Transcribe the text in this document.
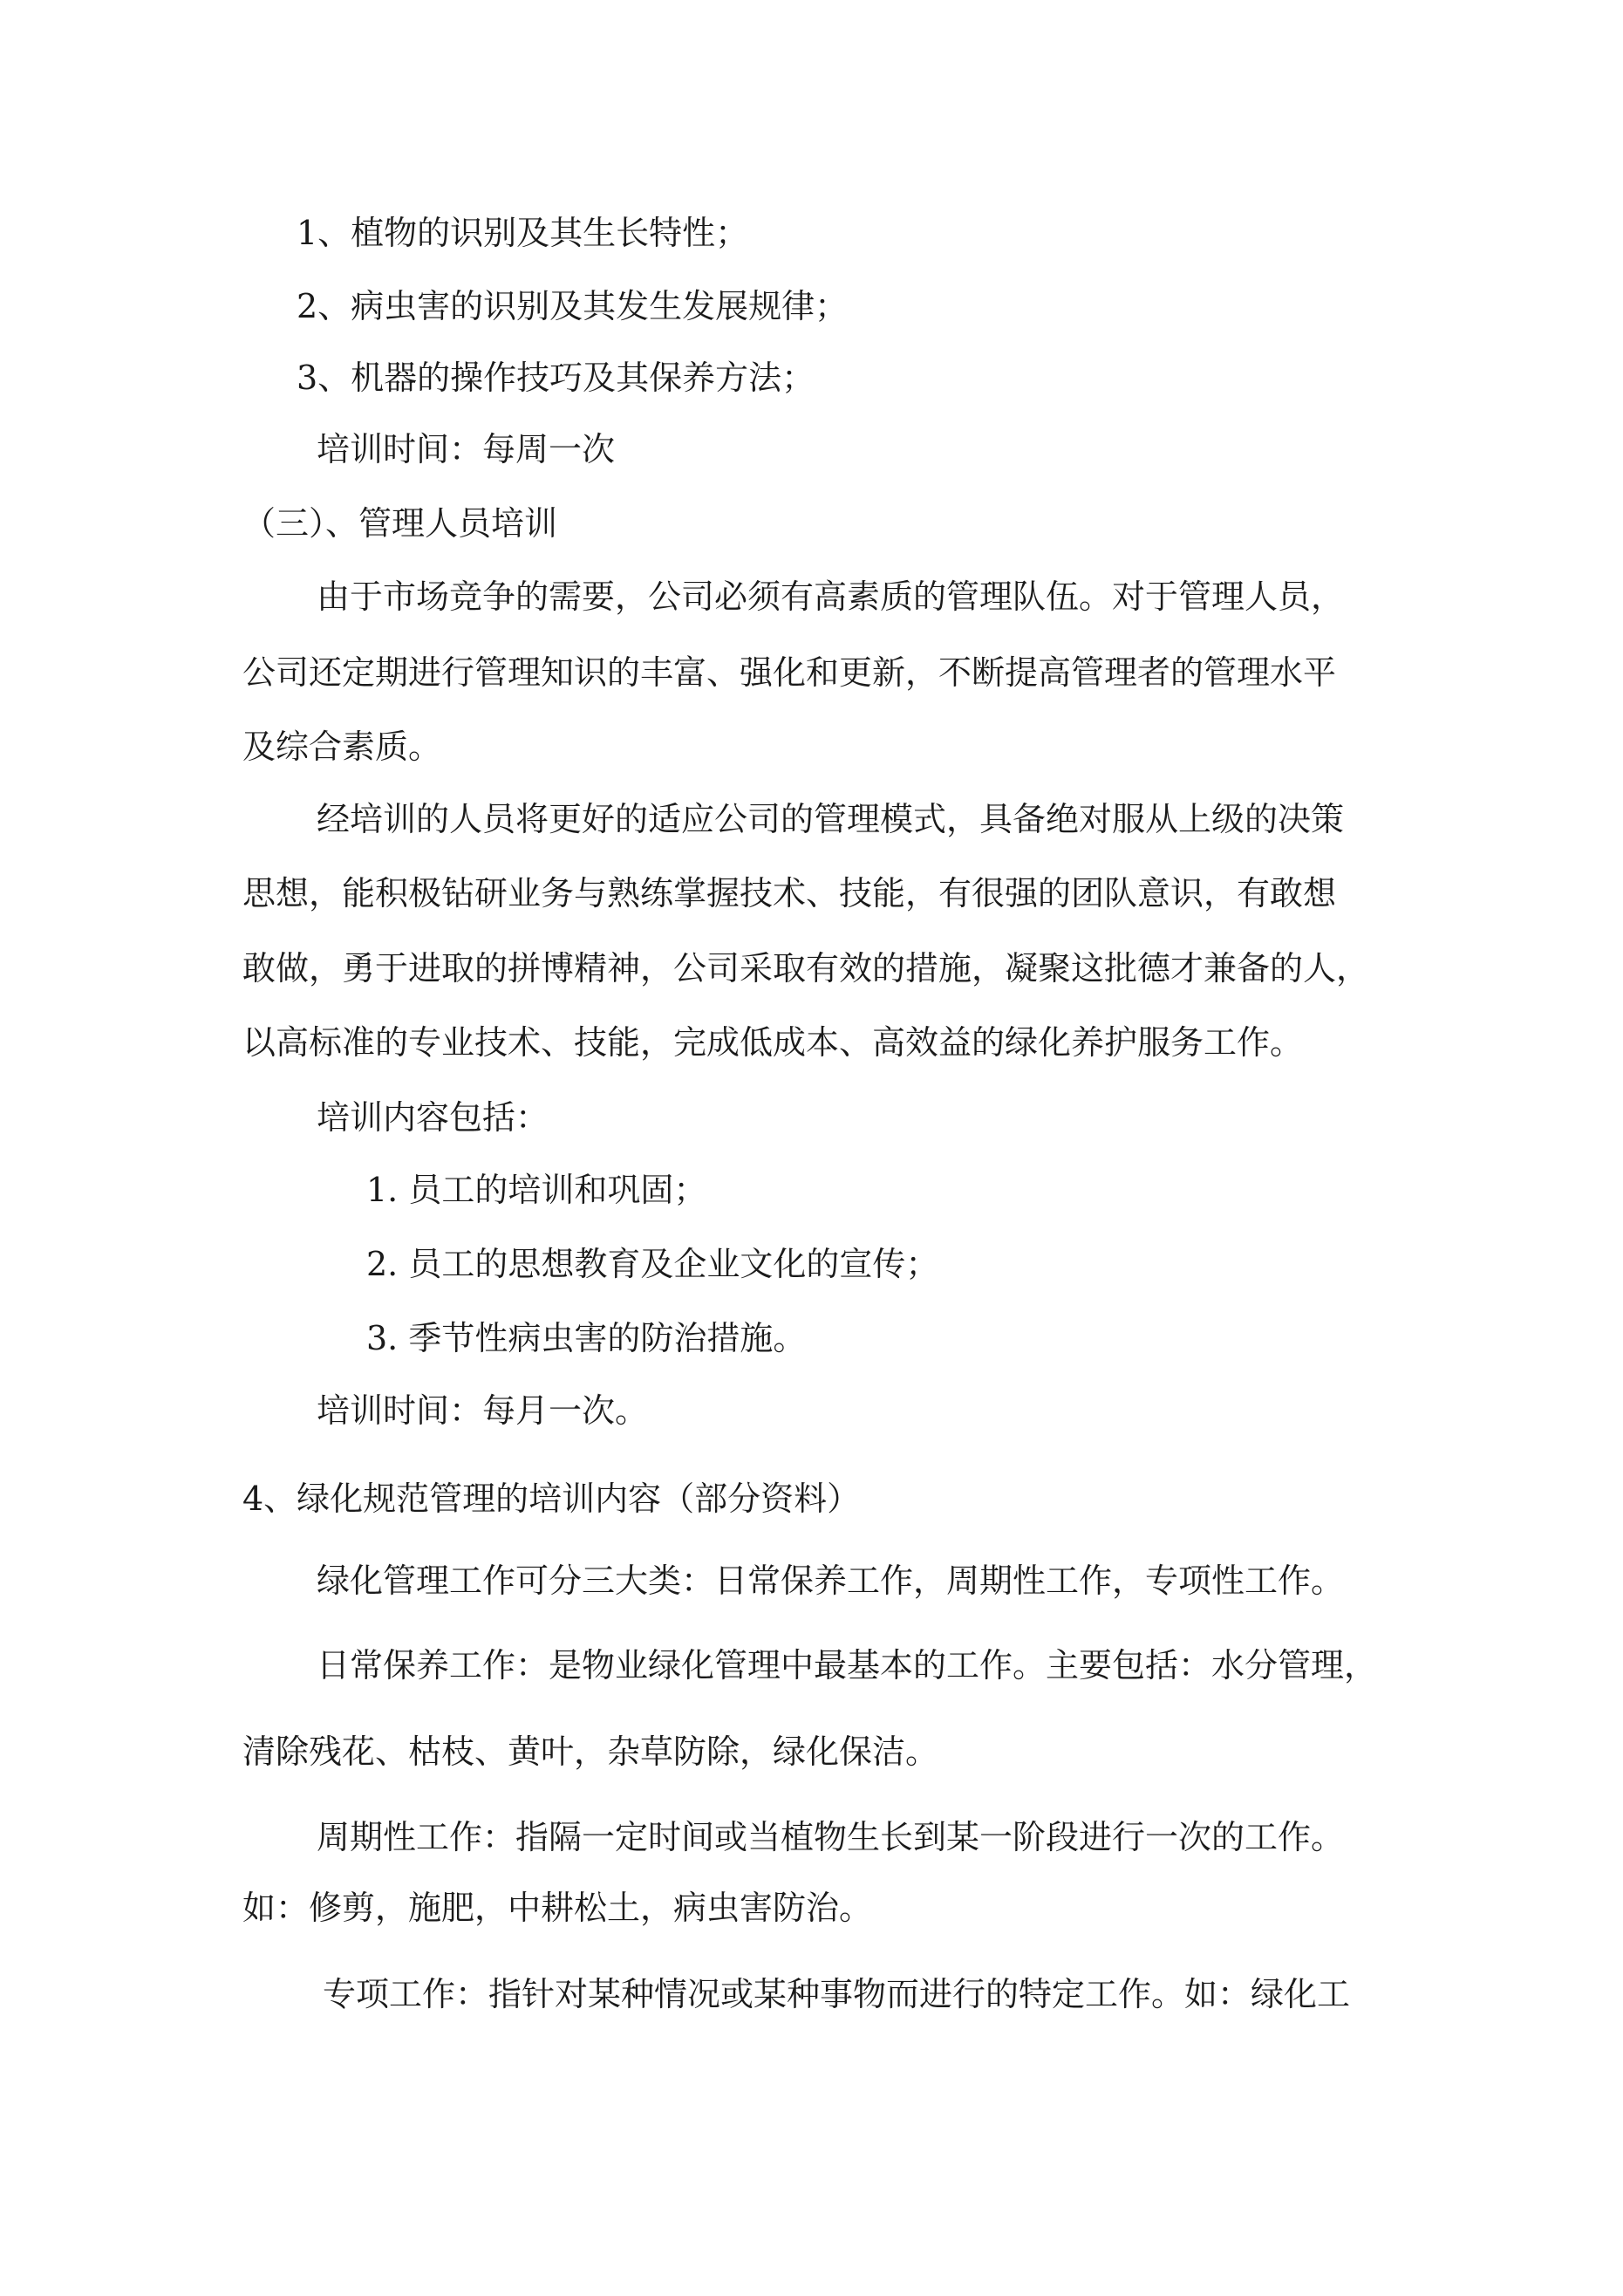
1、植物的识别及其生长特性；
2、病虫害的识别及其发生发展规律；
3、机器的操作技巧及其保养方法；
培训时间：每周一次
（三）、管理人员培训
由于市场竞争的需要，公司必须有高素质的管理队伍。对于管理人员，
公司还定期进行管理知识的丰富、强化和更新，不断提高管理者的管理水平
及综合素质。
经培训的人员将更好的适应公司的管理模式，具备绝对服从上级的决策
思想，能积极钻研业务与熟练掌握技术、技能，有很强的团队意识，有敢想
敢做，勇于进取的拼博精神，公司采取有效的措施，凝聚这批德才兼备的人，
以高标准的专业技术、技能，完成低成本、高效益的绿化养护服务工作。
培训内容包括：
1. 员工的培训和巩固；
2. 员工的思想教育及企业文化的宣传；
3. 季节性病虫害的防治措施。
培训时间：每月一次。
4、绿化规范管理的培训内容（部分资料）
绿化管理工作可分三大类：日常保养工作，周期性工作，专项性工作。
日常保养工作：是物业绿化管理中最基本的工作。主要包括：水分管理，
清除残花、枯枝、黄叶，杂草防除，绿化保洁。
周期性工作：指隔一定时间或当植物生长到某一阶段进行一次的工作。
如：修剪，施肥，中耕松土，病虫害防治。
专项工作：指针对某种情况或某种事物而进行的特定工作。如：绿化工
